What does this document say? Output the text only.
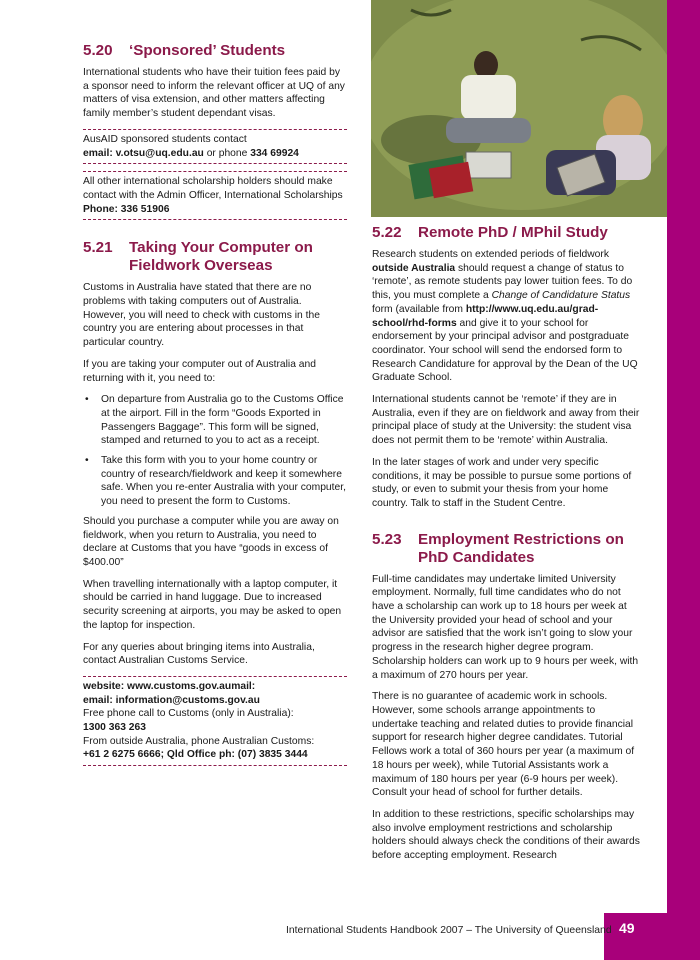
5.20	‘Sponsored’ Students

International students who have their tuition fees paid by a sponsor need to inform the relevant officer at UQ of any matters of visa extension, and other matters affecting family member’s student dependant visas.

AusAID sponsored students contact
email: v.otsu@uq.edu.au or phone 334 69924
All other international scholarship holders should make contact with the Admin Officer, International Scholarships
Phone: 336 51906
5.21	Taking Your Computer on Fieldwork Overseas

Customs in Australia have stated that there are no problems with taking computers out of Australia. However, you will need to check with customs in the country you are entering about processes in that particular country.

If you are taking your computer out of Australia and returning with it, you need to:

• On departure from Australia go to the Customs Office at the airport. Fill in the form “Goods Exported in Passengers Baggage”. This form will be signed, stamped and returned to you to act as a receipt.
• Take this form with you to your home country or country of research/fieldwork and keep it somewhere safe. When you re-enter Australia with your computer, you need to present the form to Customs.

Should you purchase a computer while you are away on fieldwork, when you return to Australia, you need to declare at Customs that you have “goods in excess of $400.00”

When travelling internationally with a laptop computer, it should be carried in hand luggage. Due to increased security screening at airports, you may be asked to open the laptop for inspection.

For any queries about bringing items into Australia, contact Australian Customs Service.

website: www.customs.gov.aumail:
email: information@customs.gov.au
Free phone call to Customs (only in Australia):
1300 363 263
From outside Australia, phone Australian Customs:
+61 2 6275 6666; Qld Office ph: (07) 3835 3444
5.22	Remote PhD / MPhil Study

Research students on extended periods of fieldwork outside Australia should request a change of status to ‘remote’, as remote students pay lower tuition fees. To do this, you must complete a Change of Candidature Status form (available from http://www.uq.edu.au/grad-school/rhd-forms and give it to your school for endorsement by your principal advisor and postgraduate coordinator. Your school will send the endorsed form to Research Candidature for approval by the Dean of the UQ Graduate School.

International students cannot be ‘remote’ if they are in Australia, even if they are on fieldwork and away from their principal place of study at the University: the student visa does not permit them to be ‘remote’ within Australia.

In the later stages of work and under very specific conditions, it may be possible to pursue some portions of study, or even to submit your thesis from your home country. Talk to staff in the Student Centre.

5.23	Employment Restrictions on PhD Candidates

Full-time candidates may undertake limited University employment. Normally, full time candidates who do not have a scholarship can work up to 18 hours per week at the University provided your head of school and your advisor are satisfied that the work isn’t going to slow your progress in the research higher degree program. Scholarship holders can work up to 9 hours per week, with a maximum of 270 hours per year.

There is no guarantee of academic work in schools. However, some schools arrange appointments to undertake teaching and related duties to provide financial support for research higher degree candidates. Tutorial Fellows work a total of 360 hours per year (a maximum of 18 hours per week), while Tutorial Assistants work a maximum of 180 hours per year (6-9 hours per week). Consult your head of school for further details.

In addition to these restrictions, specific scholarships may also involve employment restrictions and scholarship holders should always check the conditions of their awards before accepting employment. Research

49
International Students Handbook 2007 – The University of Queensland
